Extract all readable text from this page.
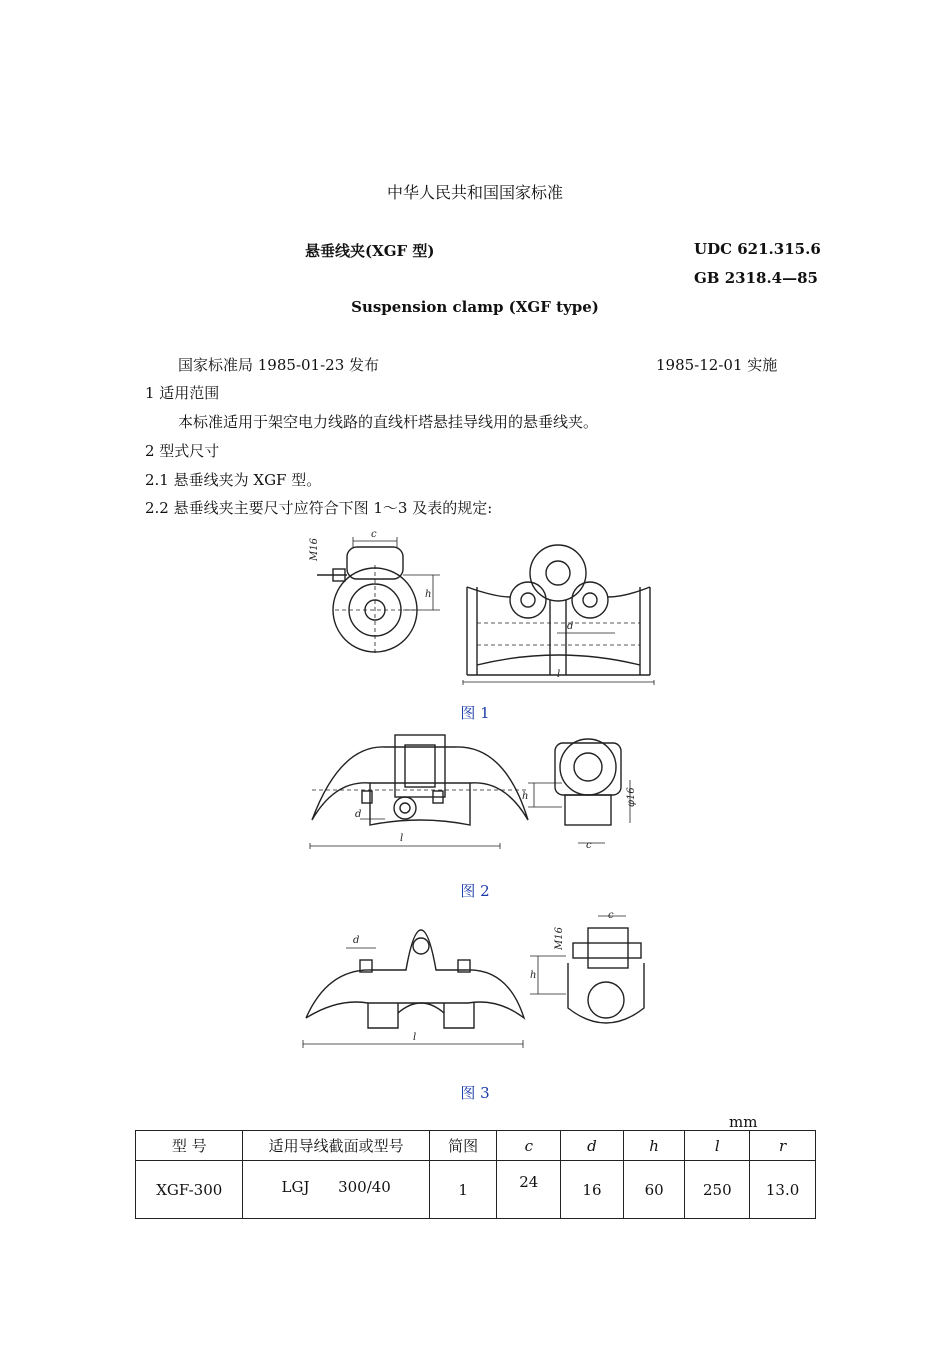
中华人民共和国国家标准
悬垂线夹(XGF 型)	UDC 621.315.6
GB 2318.4—85
Suspension clamp (XGF type)
国家标准局 1985-01-23 发布	1985-12-01 实施
1 适用范围
本标准适用于架空电力线路的直线杆塔悬挂导线用的悬垂线夹。
2 型式尺寸
2.1 悬垂线夹为 XGF 型。
2.2 悬垂线夹主要尺寸应符合下图 1～3 及表的规定:
M16
c
h
d
l
图 1
d
l
h	φ16
c
图 2
d
l
c
M16
h
图 3
mm
型 号	适用导线截面或型号	简图	c	d	h	l	r
XGF-300	LGJ      300/40	1	24	16	60	250	13.0
